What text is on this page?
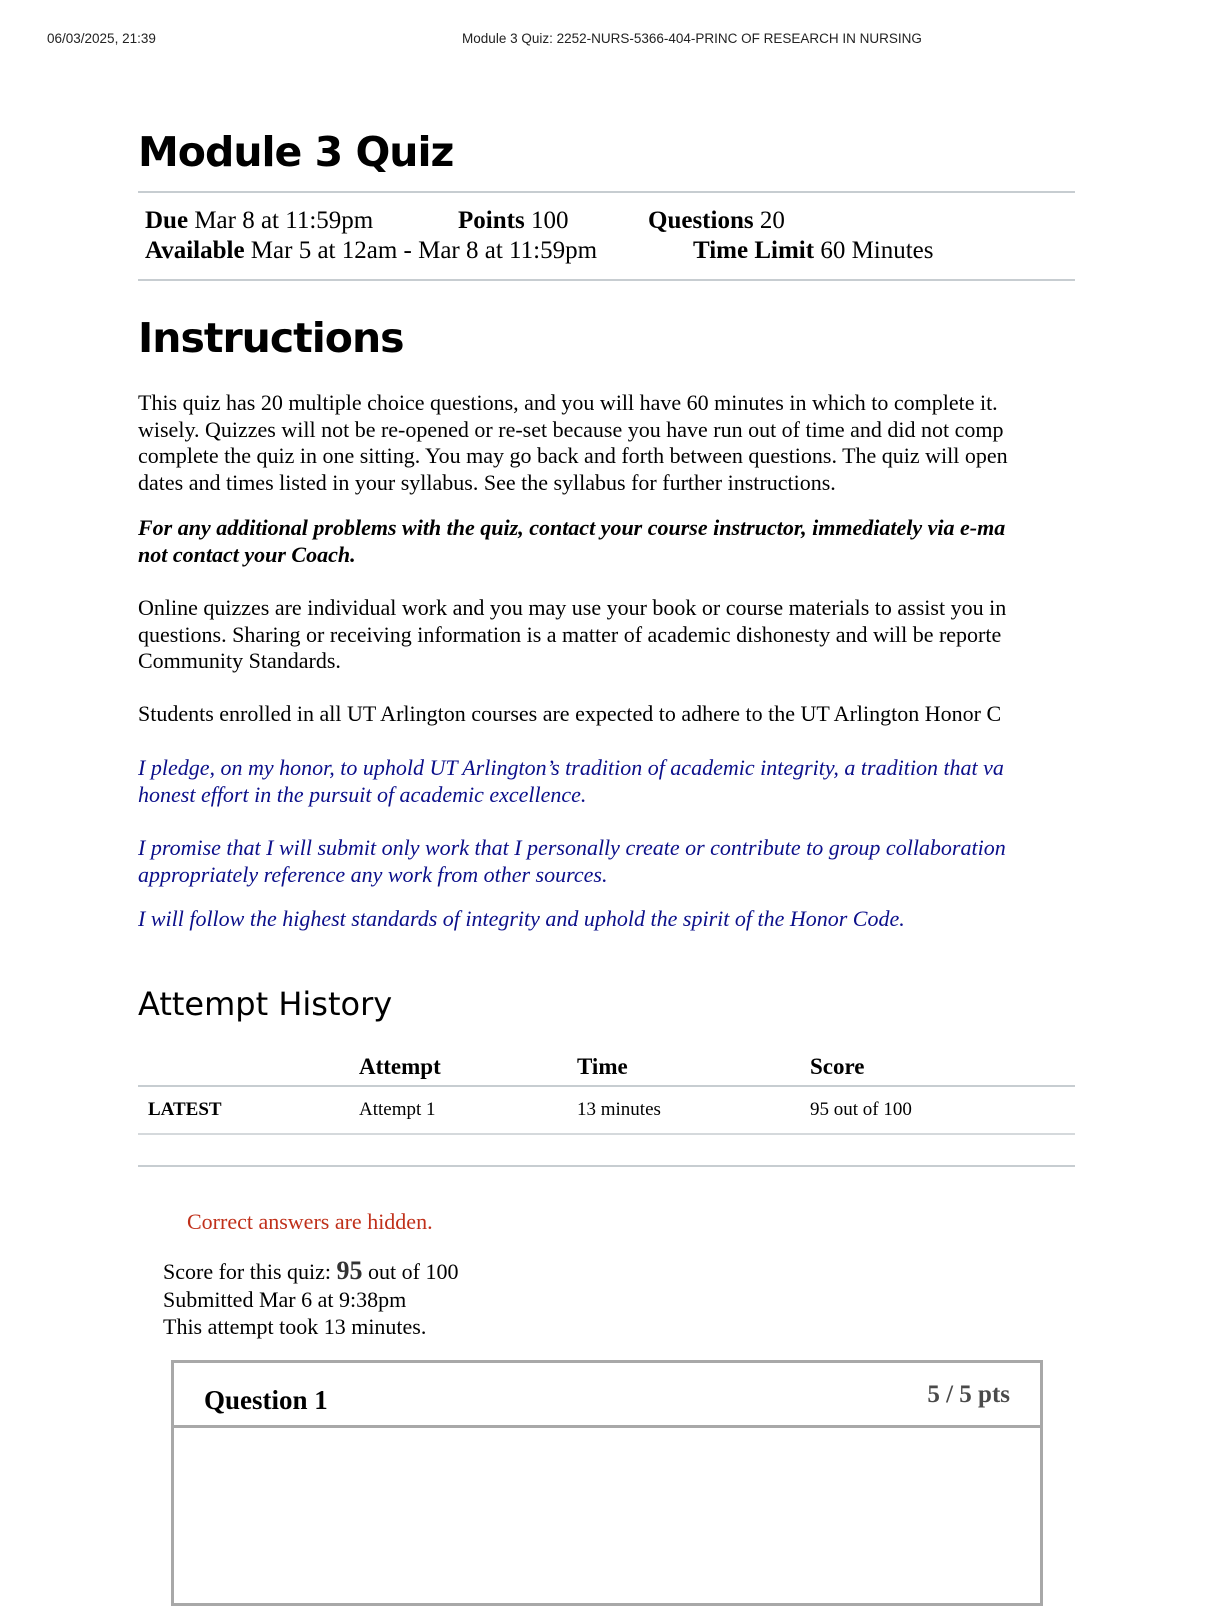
06/03/2025, 21:39	Module 3 Quiz: 2252-NURS-5366-404-PRINC OF RESEARCH IN NURSING
Module 3 Quiz
Due Mar 8 at 11:59pm	Points 100	Questions 20
Available Mar 5 at 12am - Mar 8 at 11:59pm	Time Limit 60 Minutes
Instructions
This quiz has 20 multiple choice questions, and you will have 60 minutes in which to complete it.
wisely. Quizzes will not be re-opened or re-set because you have run out of time and did not comp
complete the quiz in one sitting. You may go back and forth between questions. The quiz will open
dates and times listed in your syllabus. See the syllabus for further instructions.
For any additional problems with the quiz, contact your course instructor, immediately via e-ma
not contact your Coach.
Online quizzes are individual work and you may use your book or course materials to assist you in
questions. Sharing or receiving information is a matter of academic dishonesty and will be reporte
Community Standards.
Students enrolled in all UT Arlington courses are expected to adhere to the UT Arlington Honor C
I pledge, on my honor, to uphold UT Arlington’s tradition of academic integrity, a tradition that va
honest effort in the pursuit of academic excellence.
I promise that I will submit only work that I personally create or contribute to group collaboration
appropriately reference any work from other sources.
I will follow the highest standards of integrity and uphold the spirit of the Honor Code.
Attempt History
	Attempt	Time	Score
LATEST	Attempt 1	13 minutes	95 out of 100
Correct answers are hidden.
Score for this quiz: 95 out of 100
Submitted Mar 6 at 9:38pm
This attempt took 13 minutes.
Question 1	5 / 5 pts
